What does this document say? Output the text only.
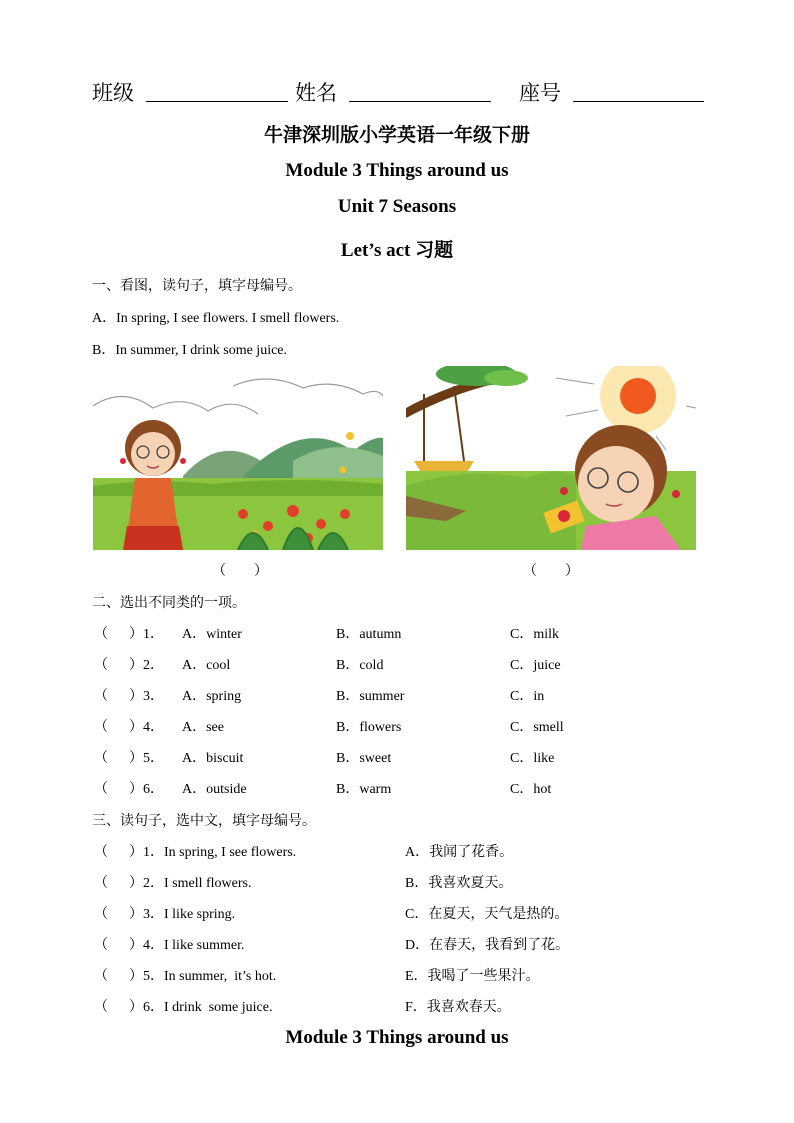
班级	姓名	座号
牛津深圳版小学英语一年级下册
Module 3 Things around us
Unit 7 Seasons
Let’s act 习题
一、看图，读句子，填字母编号。
A．In spring, I see flowers. I smell flowers.
B．In summer, I drink some juice.
（        ）	（        ）
二、选出不同类的一项。
（      ） 1． A．winter	B．autumn	C．milk
（      ） 2． A．cool	B．cold	C．juice
（      ） 3． A．spring	B．summer	C．in
（      ） 4． A．see	B．flowers	C．smell
（      ） 5． A．biscuit	B．sweet	C．like
（      ） 6． A．outside	B．warm	C．hot
三、读句子，选中文，填字母编号。
（      ） 1．In spring, I see flowers.	A．我闻了花香。
（      ） 2．I smell flowers.	B．我喜欢夏天。
（      ） 3．I like spring.	C．在夏天，天气是热的。
（      ） 4．I like summer.	D．在春天，我看到了花。
（      ） 5．In summer,  it’s hot.	E．我喝了一些果汁。
（      ） 6．I drink  some juice.	F．我喜欢春天。
Module 3 Things around us
